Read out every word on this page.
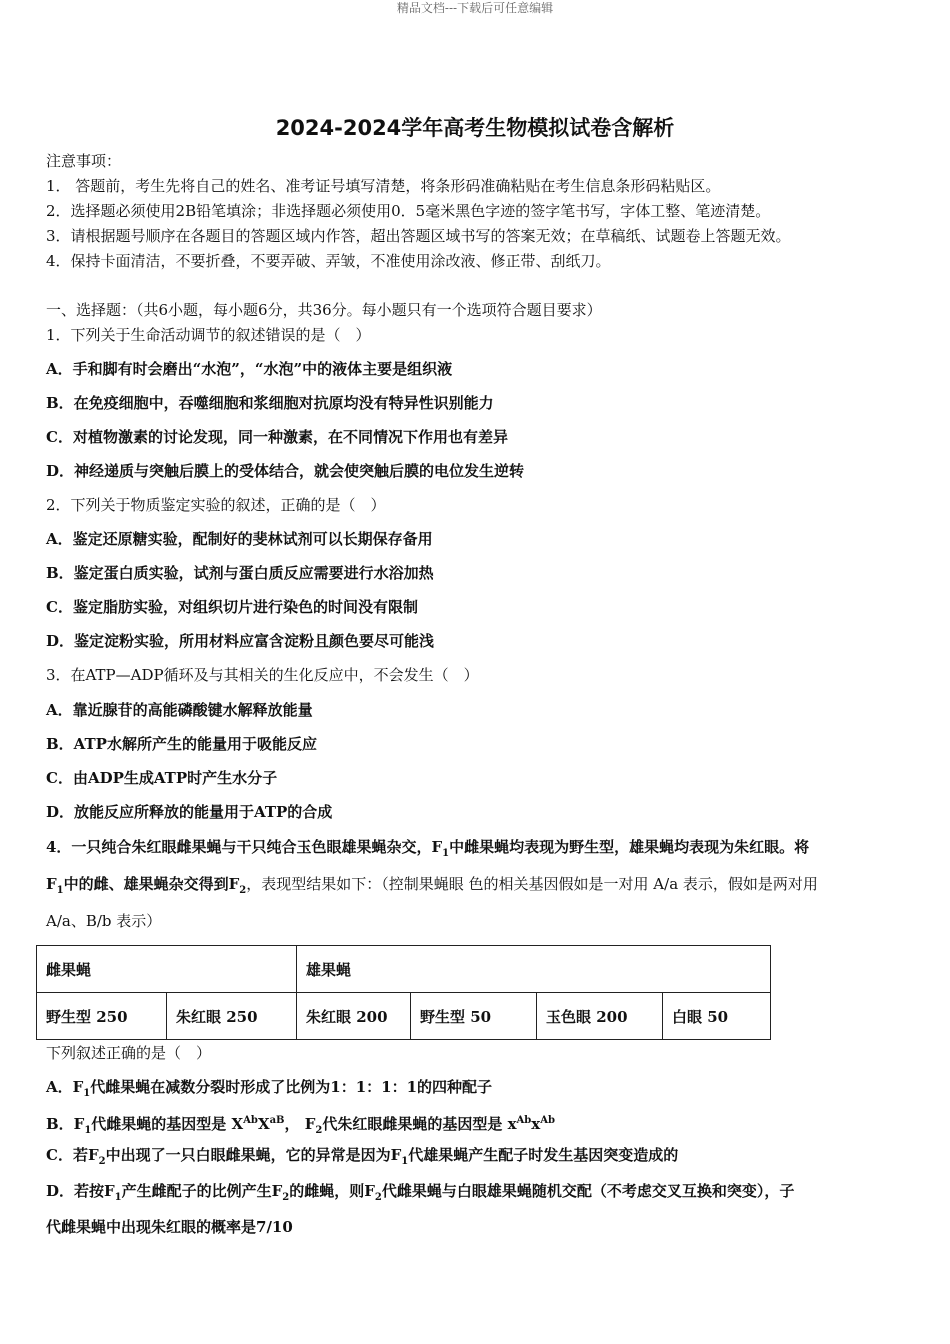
精品文档---下载后可任意编辑
2024-2024学年高考生物模拟试卷含解析
注意事项：
1． 答题前，考生先将自己的姓名、准考证号填写清楚，将条形码准确粘贴在考生信息条形码粘贴区。
2．选择题必须使用2B铅笔填涂；非选择题必须使用0．5毫米黑色字迹的签字笔书写，字体工整、笔迹清楚。
3．请根据题号顺序在各题目的答题区域内作答，超出答题区域书写的答案无效；在草稿纸、试题卷上答题无效。
4．保持卡面清洁，不要折叠，不要弄破、弄皱，不准使用涂改液、修正带、刮纸刀。
一、选择题：（共6小题，每小题6分，共36分。每小题只有一个选项符合题目要求）
1．下列关于生命活动调节的叙述错误的是（　）
A．手和脚有时会磨出“水泡”，“水泡”中的液体主要是组织液
B．在免疫细胞中，吞噬细胞和浆细胞对抗原均没有特异性识别能力
C．对植物激素的讨论发现，同一种激素，在不同情况下作用也有差异
D．神经递质与突触后膜上的受体结合，就会使突触后膜的电位发生逆转
2．下列关于物质鉴定实验的叙述，正确的是（　）
A．鉴定还原糖实验，配制好的斐林试剂可以长期保存备用
B．鉴定蛋白质实验，试剂与蛋白质反应需要进行水浴加热
C．鉴定脂肪实验，对组织切片进行染色的时间没有限制
D．鉴定淀粉实验，所用材料应富含淀粉且颜色要尽可能浅
3．在ATP—ADP循环及与其相关的生化反应中，不会发生（　）
A．靠近腺苷的高能磷酸键水解释放能量
B．ATP水解所产生的能量用于吸能反应
C．由ADP生成ATP时产生水分子
D．放能反应所释放的能量用于ATP的合成
4．一只纯合朱红眼雌果蝇与干只纯合玉色眼雄果蝇杂交，$F_1$中雌果蝇均表现为野生型，雄果蝇均表现为朱红眼。将
$F_1$中的雌、雄果蝇杂交得到$F_2$，表现型结果如下：（控制果蝇眼 色的相关基因假如是一对用 A/a 表示，假如是两对用
A/a、B/b 表示）
雌果蝇		雄果蝇			
野生型 250	朱红眼 250	朱红眼 200	野生型 50	玉色眼 200	白眼 50
下列叙述正确的是（　）
A．$F_1$代雌果蝇在减数分裂时形成了比例为1：1：1：1的四种配子
B．$F_1$代雌果蝇的基因型是 $X^{Ab}X^{aB}$， $F_2$代朱红眼雌果蝇的基因型是 $x^{Ab}x^{Ab}$
C．若$F_2$中出现了一只白眼雌果蝇，它的异常是因为$F_1$代雄果蝇产生配子时发生基因突变造成的
D．若按$F_1$产生雌配子的比例产生$F_2$的雌蝇，则$F_2$代雌果蝇与白眼雄果蝇随机交配（不考虑交叉互换和突变），子
代雌果蝇中出现朱红眼的概率是7/10
